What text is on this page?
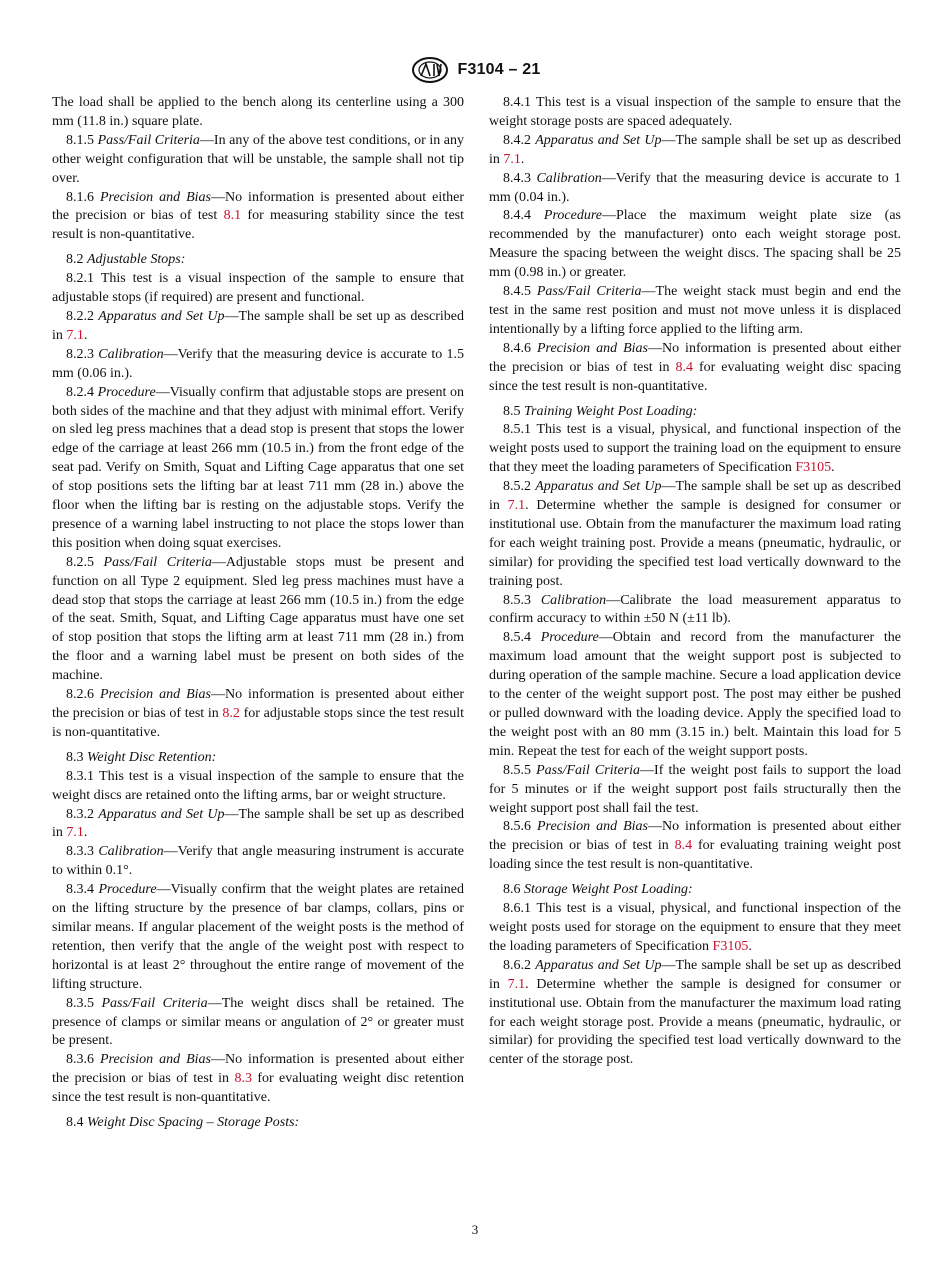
F3104 – 21

The load shall be applied to the bench along its centerline using a 300 mm (11.8 in.) square plate.

8.1.5 Pass/Fail Criteria—In any of the above test conditions, or in any other weight configuration that will be unstable, the sample shall not tip over.

8.1.6 Precision and Bias—No information is presented about either the precision or bias of test 8.1 for measuring stability since the test result is non-quantitative.

8.2 Adjustable Stops:

8.2.1 This test is a visual inspection of the sample to ensure that adjustable stops (if required) are present and functional.

8.2.2 Apparatus and Set Up—The sample shall be set up as described in 7.1.

8.2.3 Calibration—Verify that the measuring device is accurate to 1.5 mm (0.06 in.).

8.2.4 Procedure—Visually confirm that adjustable stops are present on both sides of the machine and that they adjust with minimal effort. Verify on sled leg press machines that a dead stop is present that stops the lower edge of the carriage at least 266 mm (10.5 in.) from the front edge of the seat pad. Verify on Smith, Squat and Lifting Cage apparatus that one set of stop positions sets the lifting bar at least 711 mm (28 in.) above the floor when the lifting bar is resting on the adjustable stops. Verify the presence of a warning label instructing to not place the stops lower than this position when doing squat exercises.

8.2.5 Pass/Fail Criteria—Adjustable stops must be present and function on all Type 2 equipment. Sled leg press machines must have a dead stop that stops the carriage at least 266 mm (10.5 in.) from the edge of the seat. Smith, Squat, and Lifting Cage apparatus must have one set of stop position that stops the lifting arm at least 711 mm (28 in.) from the floor and a warning label must be present on both sides of the machine.

8.2.6 Precision and Bias—No information is presented about either the precision or bias of test in 8.2 for adjustable stops since the test result is non-quantitative.

8.3 Weight Disc Retention:

8.3.1 This test is a visual inspection of the sample to ensure that the weight discs are retained onto the lifting arms, bar or weight structure.

8.3.2 Apparatus and Set Up—The sample shall be set up as described in 7.1.

8.3.3 Calibration—Verify that angle measuring instrument is accurate to within 0.1°.

8.3.4 Procedure—Visually confirm that the weight plates are retained on the lifting structure by the presence of bar clamps, collars, pins or similar means. If angular placement of the weight posts is the method of retention, then verify that the angle of the weight post with respect to horizontal is at least 2° throughout the entire range of movement of the lifting structure.

8.3.5 Pass/Fail Criteria—The weight discs shall be retained. The presence of clamps or similar means or angulation of 2° or greater must be present.

8.3.6 Precision and Bias—No information is presented about either the precision or bias of test in 8.3 for evaluating weight disc retention since the test result is non-quantitative.

8.4 Weight Disc Spacing – Storage Posts:

8.4.1 This test is a visual inspection of the sample to ensure that the weight storage posts are spaced adequately.

8.4.2 Apparatus and Set Up—The sample shall be set up as described in 7.1.

8.4.3 Calibration—Verify that the measuring device is accurate to 1 mm (0.04 in.).

8.4.4 Procedure—Place the maximum weight plate size (as recommended by the manufacturer) onto each weight storage post. Measure the spacing between the weight discs. The spacing shall be 25 mm (0.98 in.) or greater.

8.4.5 Pass/Fail Criteria—The weight stack must begin and end the test in the same rest position and must not move unless it is displaced intentionally by a lifting force applied to the lifting arm.

8.4.6 Precision and Bias—No information is presented about either the precision or bias of test in 8.4 for evaluating weight disc spacing since the test result is non-quantitative.

8.5 Training Weight Post Loading:

8.5.1 This test is a visual, physical, and functional inspection of the weight posts used to support the training load on the equipment to ensure that they meet the loading parameters of Specification F3105.

8.5.2 Apparatus and Set Up—The sample shall be set up as described in 7.1. Determine whether the sample is designed for consumer or institutional use. Obtain from the manufacturer the maximum load rating for each weight training post. Provide a means (pneumatic, hydraulic, or similar) for providing the specified test load vertically downward to the training post.

8.5.3 Calibration—Calibrate the load measurement apparatus to confirm accuracy to within ±50 N (±11 lb).

8.5.4 Procedure—Obtain and record from the manufacturer the maximum load amount that the weight support post is subjected to during operation of the sample machine. Secure a load application device to the center of the weight support post. The post may either be pushed or pulled downward with the loading device. Apply the specified load to the weight post with an 80 mm (3.15 in.) belt. Maintain this load for 5 min. Repeat the test for each of the weight support posts.

8.5.5 Pass/Fail Criteria—If the weight post fails to support the load for 5 minutes or if the weight support post fails structurally then the weight support post shall fail the test.

8.5.6 Precision and Bias—No information is presented about either the precision or bias of test in 8.4 for evaluating training weight post loading since the test result is non-quantitative.

8.6 Storage Weight Post Loading:

8.6.1 This test is a visual, physical, and functional inspection of the weight posts used for storage on the equipment to ensure that they meet the loading parameters of Specification F3105.

8.6.2 Apparatus and Set Up—The sample shall be set up as described in 7.1. Determine whether the sample is designed for consumer or institutional use. Obtain from the manufacturer the maximum load rating for each weight storage post. Provide a means (pneumatic, hydraulic, or similar) for providing the specified test load vertically downward to the center of the storage post.

3
